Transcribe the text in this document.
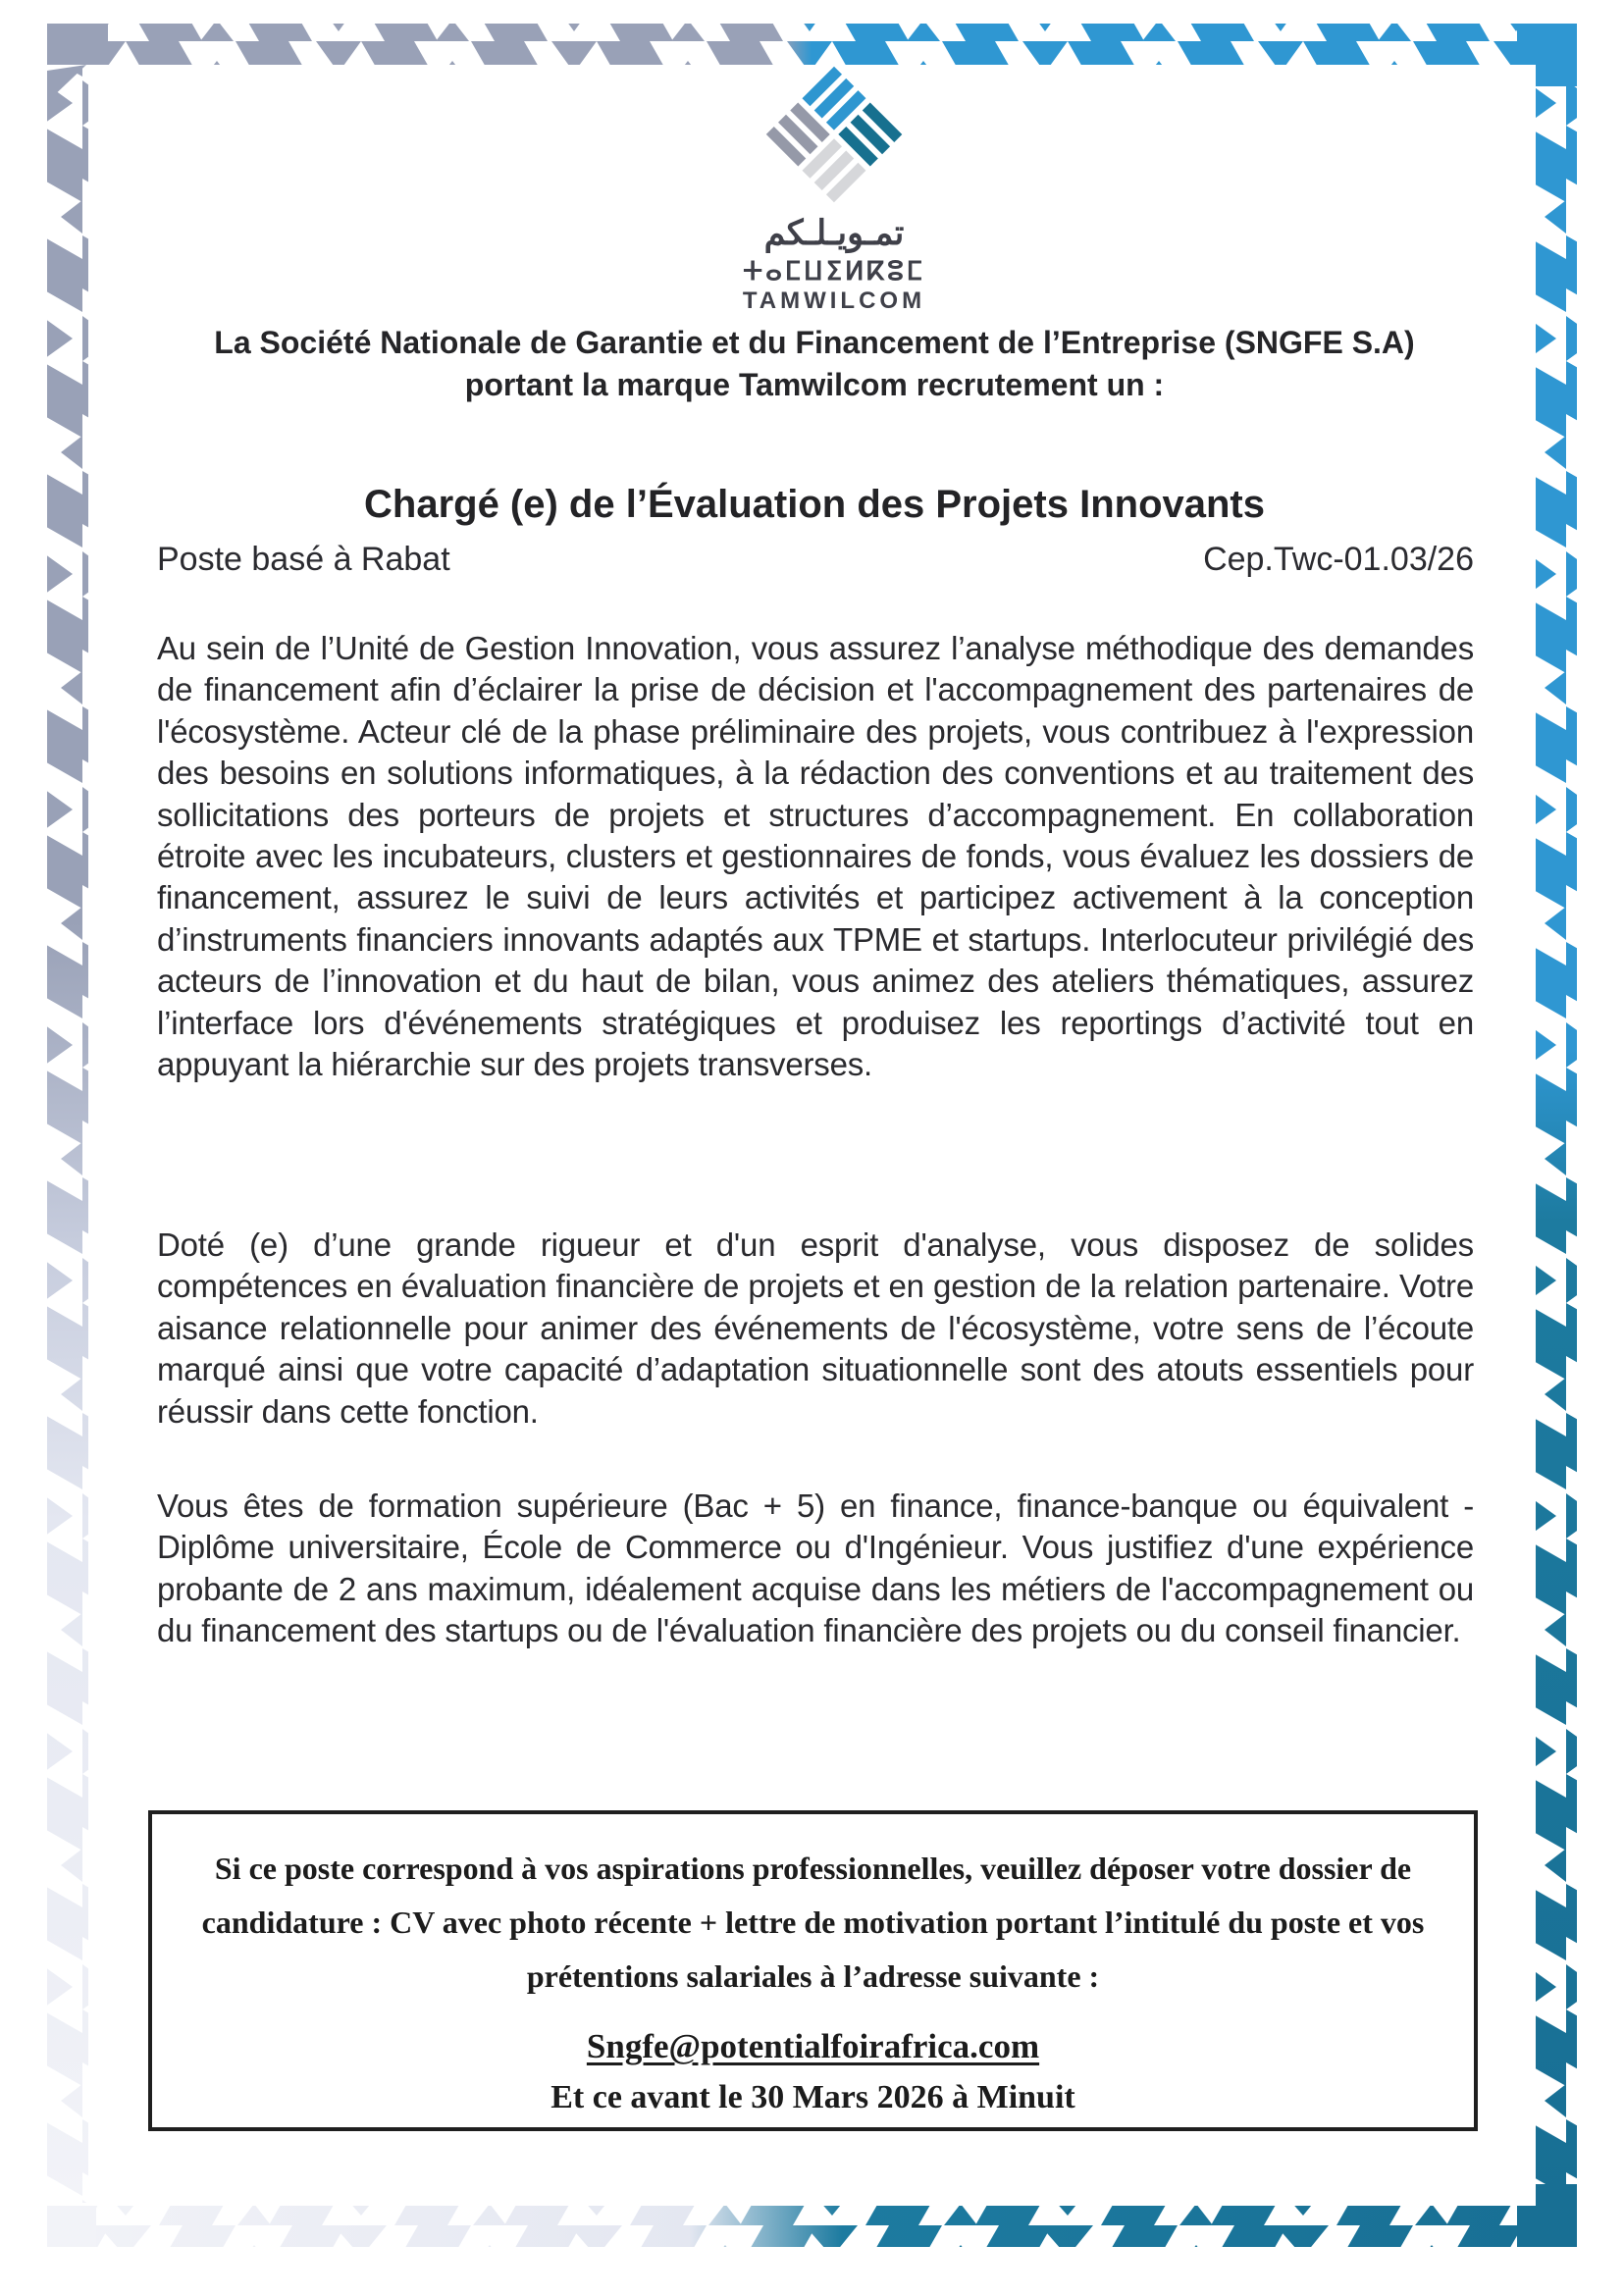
تمـويـلـكم
ⵜⴰⵎⵡⵉⵍⴽⵓⵎ
TAMWILCOM
La Société Nationale de Garantie et du Financement de l’Entreprise (SNGFE S.A)
portant la marque Tamwilcom recrutement un :
Chargé (e) de l’Évaluation des Projets Innovants
Poste basé à Rabat	Cep.Twc-01.03/26
Au sein de l’Unité de Gestion Innovation, vous assurez l’analyse méthodique des demandes de financement afin d’éclairer la prise de décision et l'accompagnement des partenaires de l'écosystème. Acteur clé de la phase préliminaire des projets, vous contribuez à l'expression des besoins en solutions informatiques, à la rédaction des conventions et au traitement des sollicitations des porteurs de projets et structures d’accompagnement. En collaboration étroite avec les incubateurs, clusters et gestionnaires de fonds, vous évaluez les dossiers de financement, assurez le suivi de leurs activités et participez activement à la conception d’instruments financiers innovants adaptés aux TPME et startups. Interlocuteur privilégié des acteurs de l’innovation et du haut de bilan, vous animez des ateliers thématiques, assurez l’interface lors d'événements stratégiques et produisez les reportings d’activité tout en appuyant la hiérarchie sur des projets transverses.
Doté (e) d’une grande rigueur et d'un esprit d'analyse, vous disposez de solides compétences en évaluation financière de projets et en gestion de la relation partenaire. Votre aisance relationnelle pour animer des événements de l'écosystème, votre sens de l’écoute marqué ainsi que votre capacité d’adaptation situationnelle sont des atouts essentiels pour réussir dans cette fonction.
Vous êtes de formation supérieure (Bac + 5) en finance, finance-banque ou équivalent - Diplôme universitaire, École de Commerce ou d'Ingénieur. Vous justifiez d'une expérience probante de 2 ans maximum, idéalement acquise dans les métiers de l'accompagnement ou du financement des startups ou de l'évaluation financière des projets ou du conseil financier.
Si ce poste correspond à vos aspirations professionnelles, veuillez déposer votre dossier de candidature : CV avec photo récente + lettre de motivation portant l’intitulé du poste et vos prétentions salariales à l’adresse suivante :
Sngfe@potentialfoirafrica.com
Et ce avant le 30 Mars 2026 à Minuit
